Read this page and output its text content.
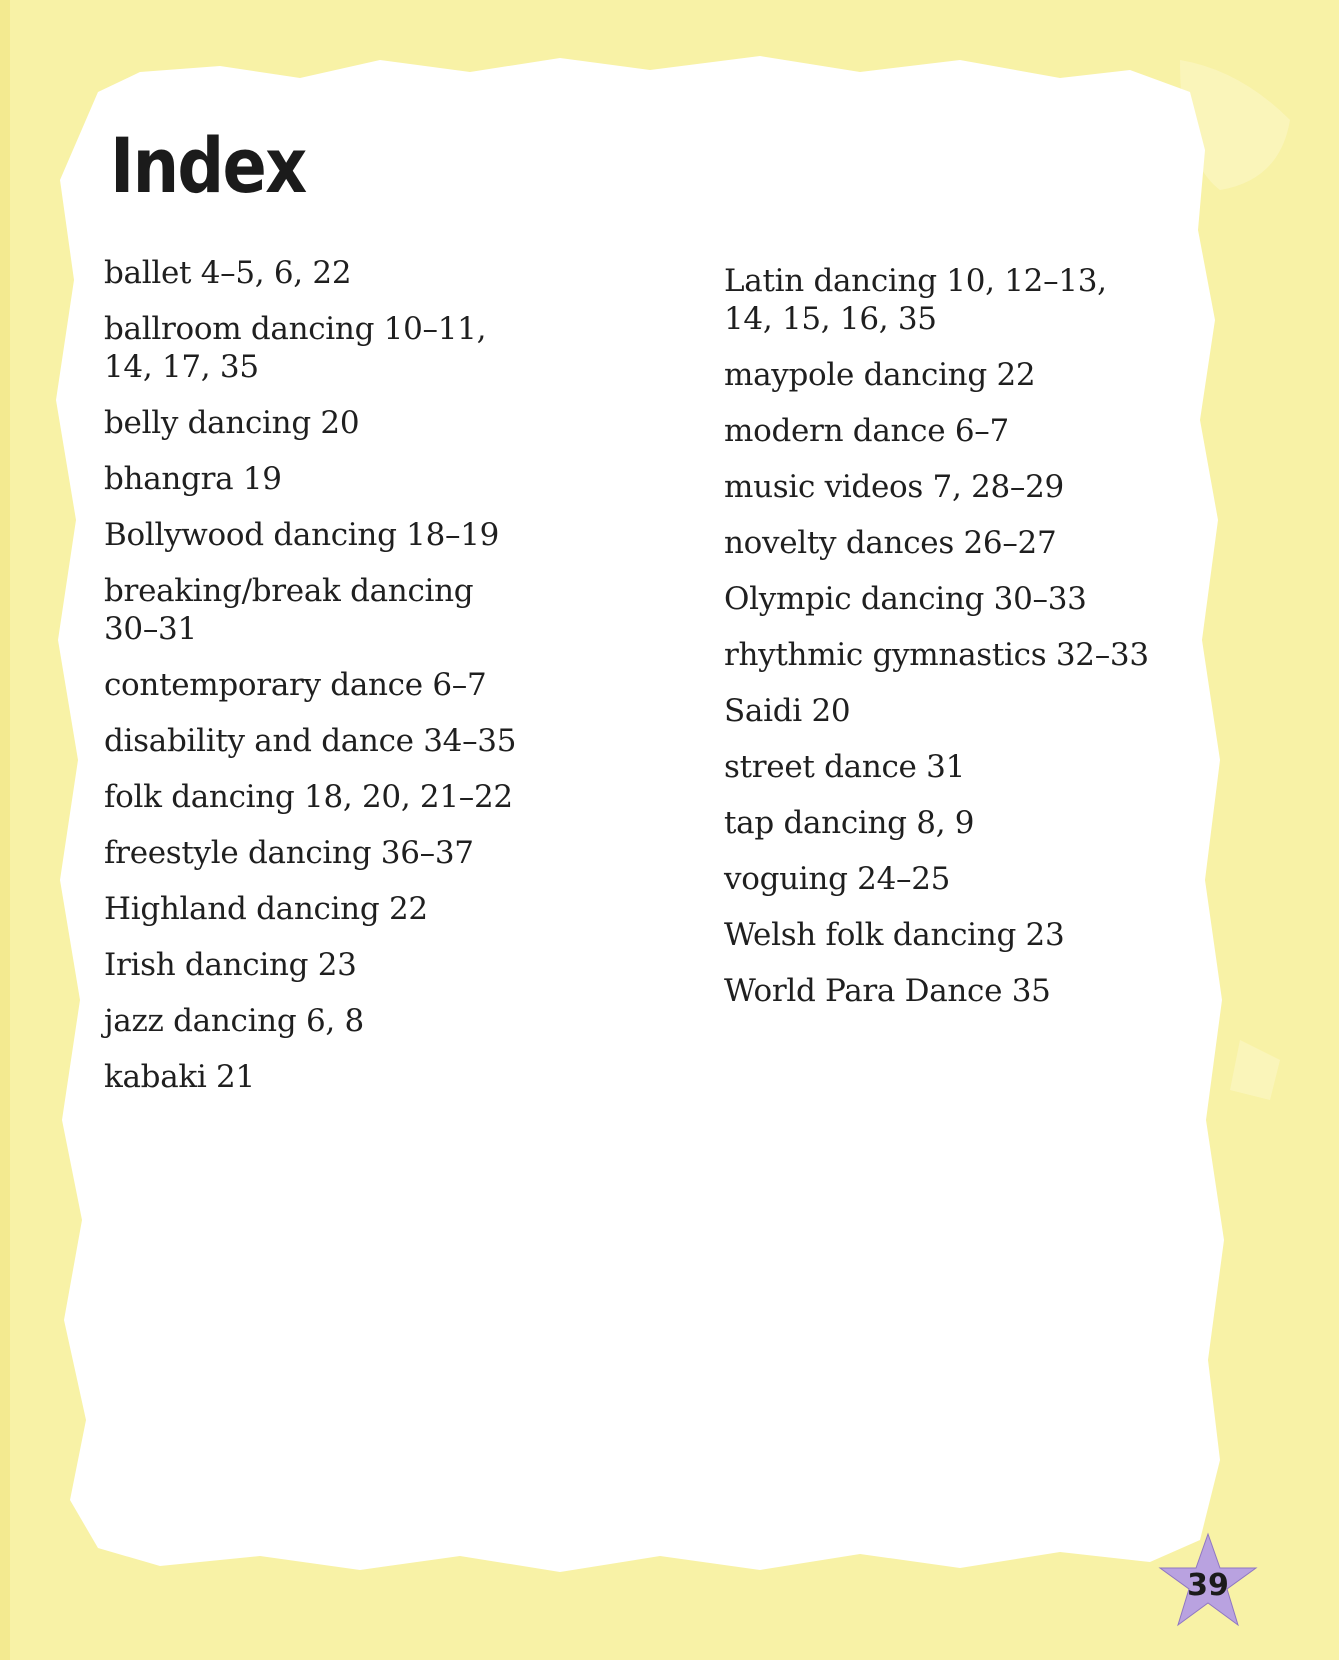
Index
ballet 4–5, 6, 22
ballroom dancing 10–11, 14, 17, 35
belly dancing 20
bhangra 19
Bollywood dancing 18–19
breaking/break dancing 30–31
contemporary dance 6–7
disability and dance 34–35
folk dancing 18, 20, 21–22
freestyle dancing 36–37
Highland dancing 22
Irish dancing 23
jazz dancing 6, 8
kabaki 21
Latin dancing 10, 12–13, 14, 15, 16, 35
maypole dancing 22
modern dance 6–7
music videos 7, 28–29
novelty dances 26–27
Olympic dancing 30–33
rhythmic gymnastics 32–33
Saidi 20
street dance 31
tap dancing 8, 9
voguing 24–25
Welsh folk dancing 23
World Para Dance 35
39
